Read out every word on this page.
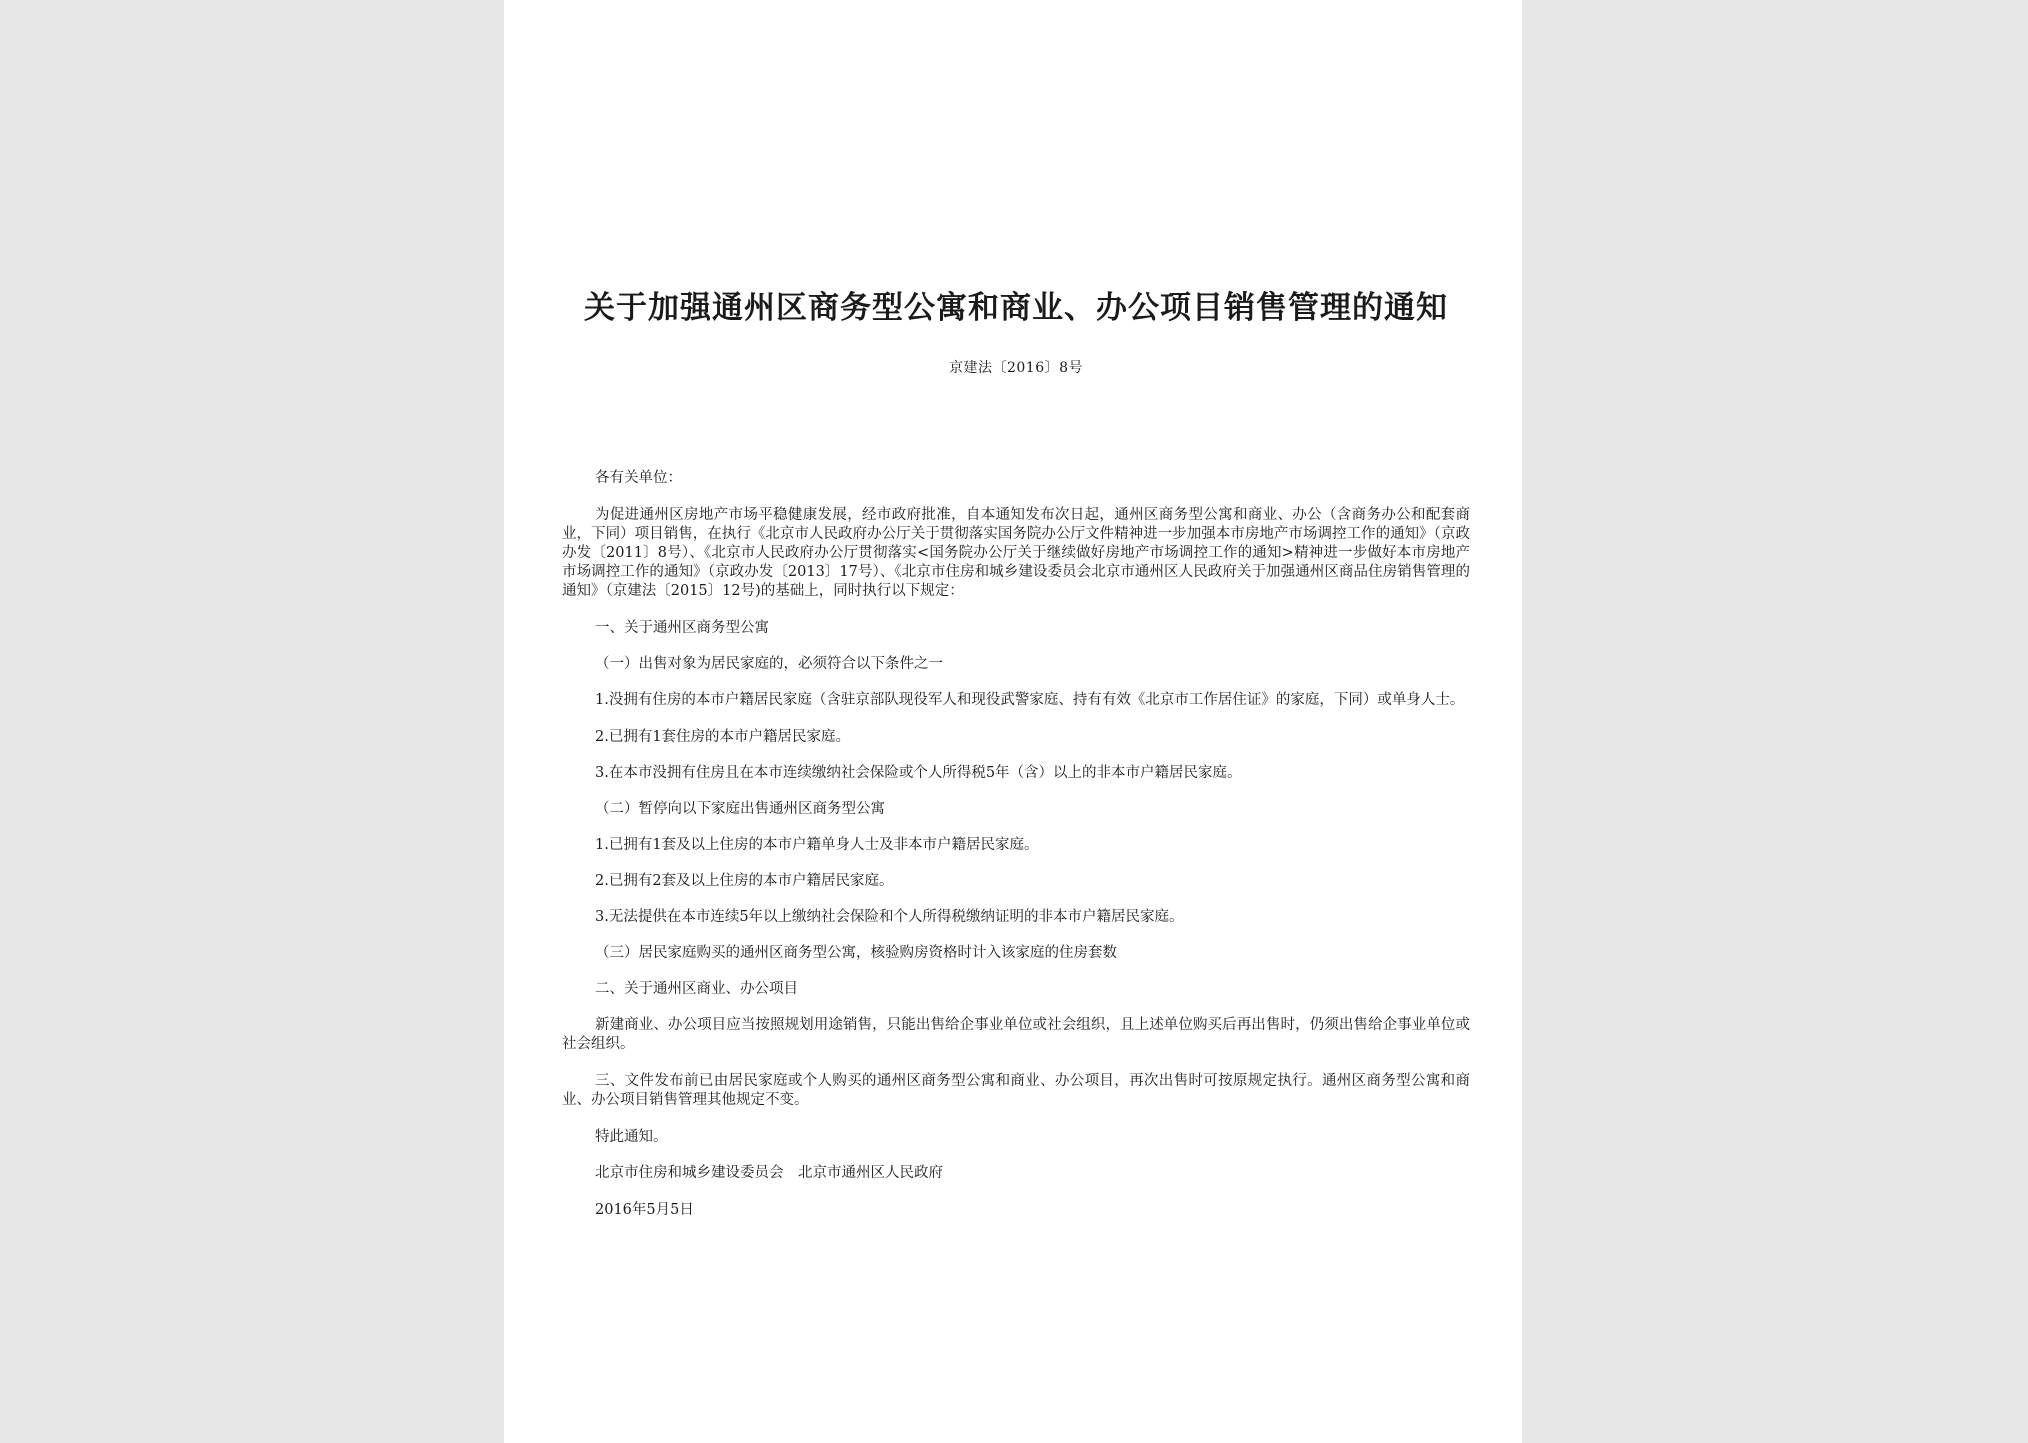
关于加强通州区商务型公寓和商业、办公项目销售管理的通知
京建法〔2016〕8号

各有关单位：

为促进通州区房地产市场平稳健康发展，经市政府批准，自本通知发布次日起，通州区商务型公寓和商业、办公（含商务办公和配套商业，下同）项目销售，在执行《北京市人民政府办公厅关于贯彻落实国务院办公厅文件精神进一步加强本市房地产市场调控工作的通知》（京政办发〔2011〕8号）、《北京市人民政府办公厅贯彻落实<国务院办公厅关于继续做好房地产市场调控工作的通知>精神进一步做好本市房地产市场调控工作的通知》（京政办发〔2013〕17号）、《北京市住房和城乡建设委员会北京市通州区人民政府关于加强通州区商品住房销售管理的通知》（京建法〔2015〕12号)的基础上，同时执行以下规定：

一、关于通州区商务型公寓

（一）出售对象为居民家庭的，必须符合以下条件之一

1.没拥有住房的本市户籍居民家庭（含驻京部队现役军人和现役武警家庭、持有有效《北京市工作居住证》的家庭，下同）或单身人士。

2.已拥有1套住房的本市户籍居民家庭。

3.在本市没拥有住房且在本市连续缴纳社会保险或个人所得税5年（含）以上的非本市户籍居民家庭。

（二）暂停向以下家庭出售通州区商务型公寓

1.已拥有1套及以上住房的本市户籍单身人士及非本市户籍居民家庭。

2.已拥有2套及以上住房的本市户籍居民家庭。

3.无法提供在本市连续5年以上缴纳社会保险和个人所得税缴纳证明的非本市户籍居民家庭。

（三）居民家庭购买的通州区商务型公寓，核验购房资格时计入该家庭的住房套数

二、关于通州区商业、办公项目

新建商业、办公项目应当按照规划用途销售，只能出售给企事业单位或社会组织，且上述单位购买后再出售时，仍须出售给企事业单位或社会组织。

三、文件发布前已由居民家庭或个人购买的通州区商务型公寓和商业、办公项目，再次出售时可按原规定执行。通州区商务型公寓和商业、办公项目销售管理其他规定不变。

特此通知。

北京市住房和城乡建设委员会　北京市通州区人民政府

2016年5月5日
